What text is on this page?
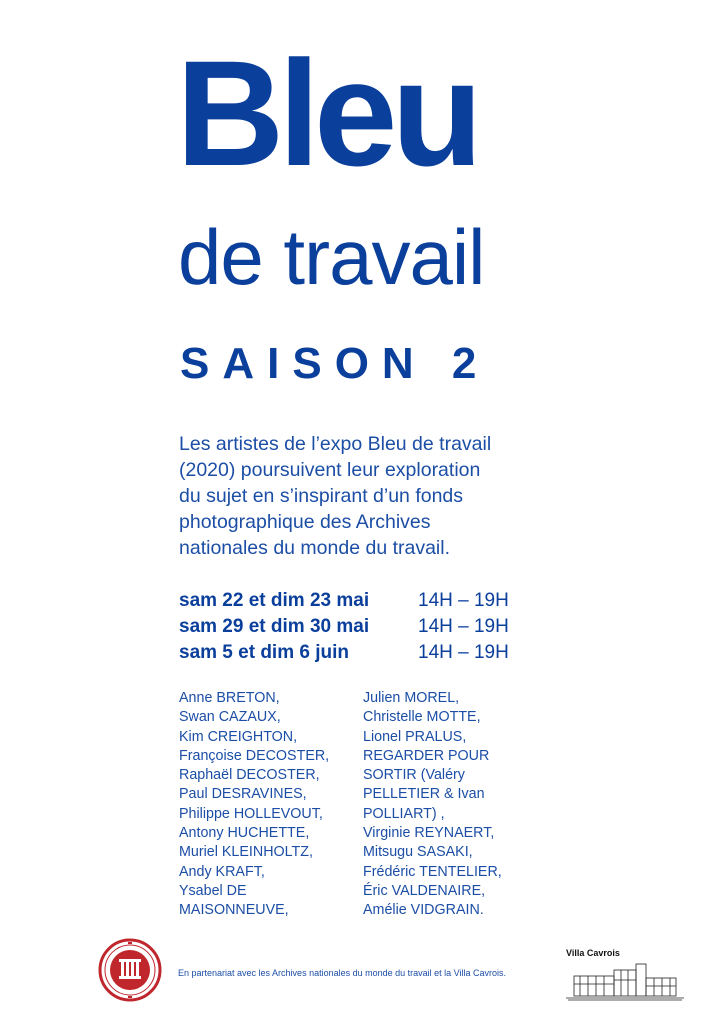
Bleu
de travail
SAISON 2
Les artistes de l’expo Bleu de travail
(2020) poursuivent leur exploration
du sujet en s’inspirant d’un fonds
photographique des Archives
nationales du monde du travail.
sam 22 et dim 23 mai	14H – 19H
sam 29 et dim 30 mai	14H – 19H
sam 5 et dim 6 juin	14H – 19H
Anne BRETON,
Swan CAZAUX,
Kim CREIGHTON,
Françoise DECOSTER,
Raphaël DECOSTER,
Paul DESRAVINES,
Philippe HOLLEVOUT,
Antony HUCHETTE,
Muriel KLEINHOLTZ,
Andy KRAFT,
Ysabel DE
MAISONNEUVE,
Julien MOREL,
Christelle MOTTE,
Lionel PRALUS,
REGARDER POUR
SORTIR (Valéry
PELLETIER & Ivan
POLLIART) ,
Virginie REYNAERT,
Mitsugu SASAKI,
Frédéric TENTELIER,
Éric VALDENAIRE,
Amélie VIDGRAIN.
En partenariat avec les Archives nationales du monde du travail et la Villa Cavrois.
Villa Cavrois
